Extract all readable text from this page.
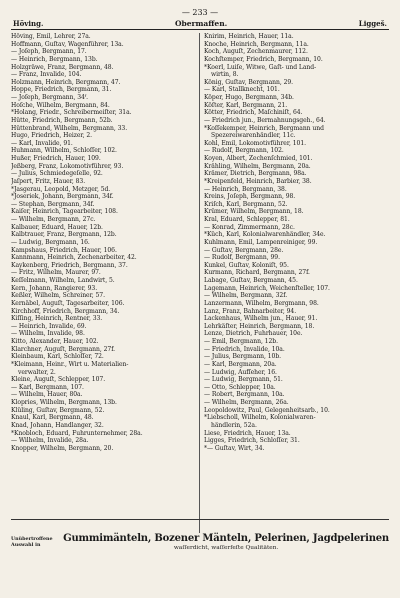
— 233 —
Höving.	Obermaffen.	Liggeš.
Höving, Emil, Lehrer, 27a.
Hoffmann, Guſtav, Wagenführer, 13a.
— Joſeph, Bergmann, 17.
— Heinrich, Bergmann, 13b.
Holzgräwe, Franz, Bergmann, 48.
— Franz, Invalide, 104.
Holzmann, Heinrich, Bergmann, 47.
Hoppe, Friedrich, Bergmann, 31.
— Joſeph, Bergmann, 34ᶠ.
Hoſche, Wilhelm, Bergmann, 84.
*Holang, Friedr., Schreibermeiſter, 31a.
Hütte, Friedrich, Bergmann, 52b.
Hüttenbrand, Wilhelm, Bergmann, 33.
Hugo, Friedrich, Heizer, 2.
— Karl, Invalide, 91.
Huhmann, Wilhelm, Schloſſer, 102.
Hußer, Friedrich, Hauer, 109.
Jeßberg, Franz, Lokomotivführer, 93.
— Julius, Schmiedegeſelle, 92.
Jaſpert, Fritz, Hauer, 83.
*Jasgerau, Leopold, Metzger, 5d.
*Joseriek, Johann, Bergmann, 34f.
— Stephan, Bergmann, 34f.
Kaiſer, Heinrich, Tagearbeiter, 108.
— Wilhelm, Bergmann, 27c.
Kalbauer, Eduard, Hauer, 12b.
Kalbtrauer, Franz, Bergmann, 12b.
— Ludwig, Bergmann, 16.
Kampshaus, Friedrich, Hauer, 106.
Kannmann, Heinrich, Zechenarbeiter, 42.
Kaykenberg, Friedrich, Bergmann, 37.
— Fritz, Wilhelm, Maurer, 97.
Keſſelmann, Wilhelm, Landwirt, 5.
Kern, Johann, Rangierer, 93.
Keßler, Wilhelm, Schreiner, 57.
Kernäbel, Auguſt, Tagesarbeiter, 106.
Kirchhoff, Friedrich, Bergmann, 34.
Kiſſing, Heinrich, Rentner, 33.
— Heinrich, Invalide, 69.
— Wilhelm, Invalide, 98.
Kitto, Alexander, Hauer, 102.
Klarchner, Auguſt, Bergmann, 27f.
Kleinbaum, Karl, Schloſſer, 72.
*Kleimann, Heinr., Wirt u. Materialien-
verwalter, 2.
Kleine, Auguſt, Schlepper, 107.
— Karl, Bergmann, 107.
— Wilhelm, Hauer, 80a.
Klopries, Wilhelm, Bergmann, 13b.
Klüling, Guſtav, Bergmann, 52.
Knaul, Karl, Bergmann, 48.
Knad, Johann, Handlanger, 32.
*Knobloch, Eduard, Fuhrunternehmer, 28a.
— Wilhelm, Invalide, 28a.
Knopper, Wilhelm, Bergmann, 20.
Knirim, Heinrich, Hauer, 11a.
Knoche, Heinrich, Bergmann, 11a.
Koch, Auguſt, Zechenmaurer, 112.
Kochſtemper, Friedrich, Bergmann, 10.
*Koerl, Luiſe, Witwe, Gaſt- und Land-
wirtin, 8.
König, Guſtav, Bergmann, 29.
— Karl, Stallknecht, 101.
Köper, Hugo, Bergmann, 34b.
Köſter, Karl, Bergmann, 21.
Kötter, Friedrich, Maſchiniſt, 64.
— Friedrich jun., Bermahnungsgeh., 64.
*Koſſekemper, Heinrich, Bergmann und
Spezereiwarenhändler, 11c.
Kohl, Emil, Lokomotivführer, 101.
— Rudolf, Bergmann, 102.
Koyen, Albert, Zechenſchmied, 101.
Krähling, Wilhelm, Bergmann, 20a.
Krämer, Dietrich, Bergmann, 98a.
*Kreipenfeld, Heinrich, Barbier, 38.
— Heinrich, Bergmann, 38.
Kreins, Joſeph, Bergmann, 98.
Kriſch, Karl, Bergmann, 52.
Krümer, Wilhelm, Bergmann, 18.
Kral, Eduard, Schlepper, 81.
— Konrad, Zimmermann, 28c.
*Küch, Karl, Kolonialwarenhändler, 34e.
Kuhlmann, Emil, Lampenreiniger, 99.
— Guſtav, Bergmann, 28e.
— Rudolf, Bergmann, 99.
Kunkel, Guſtav, Koloniſt, 95.
Kurmann, Richard, Bergmann, 27f.
Labage, Guſtav, Bergmann, 45.
Lagemann, Heinrich, Weichenſteller, 107.
— Wilhelm, Bergmann, 32f.
Lanzermann, Wilhelm, Bergmann, 98.
Lanz, Franz, Bahnarbeiter, 94.
Lackenhaus, Wilhelm jun., Hauer, 91.
Lehrkäſter, Heinrich, Bergmann, 18.
Lenze, Dietrich, Fuhrhauer, 10e.
— Emil, Bergmann, 12b.
— Friedrich, Invalide, 10a.
— Julius, Bergmann, 10b.
— Karl, Bergmann, 20a.
— Ludwig, Aufſeher, 16.
— Ludwig, Bergmann, 51.
— Otto, Schlepper, 10a.
— Robert, Bergmann, 10a.
— Wilhelm, Bergmann, 26a.
Leopoldowitz, Paul, Gelegenheitsarb., 10.
*Liebscholl, Wilhelm, Kolonialwaren-
händlerin, 52a.
Liese, Friedrich, Hauer, 13a.
Ligges, Friedrich, Schloſſer, 31.
*— Guſtav, Wirt, 34.
Unübertroffene Auswahl in
Gummimänteln, Bozener Mänteln, Pelerinen, Jagdpelerinen
waſſerdicht, waſſerfeſte Qualitäten.
